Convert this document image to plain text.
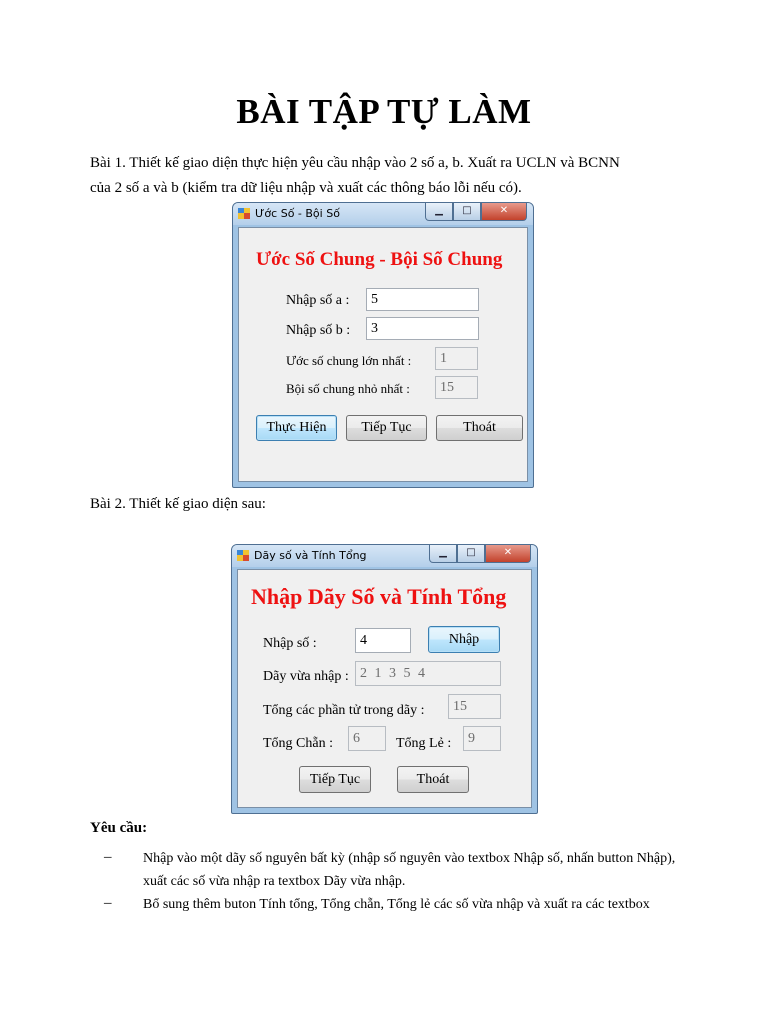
BÀI TẬP TỰ LÀM
Bài 1. Thiết kế giao diện thực hiện yêu cầu nhập vào 2 số a, b. Xuất ra UCLN và BCNN
của 2 số a và b (kiểm tra dữ liệu nhập và xuất các thông báo lỗi nếu có).
Ước Số - Bội Số	▁	□	✕
Ước Số Chung - Bội Số Chung
Nhập số a :	5
Nhập số b :	3
Ước số chung lớn nhất :	1
Bội số chung nhỏ nhất :	15
Thực Hiện	Tiếp Tục	Thoát
Bài 2. Thiết kế giao diện sau:
Dãy số và Tính Tổng	▁	□	✕
Nhập Dãy Số và Tính Tổng
Nhập số :	4	Nhập
Dãy vừa nhập : 2 1 3 5 4
Tổng các phần tử trong dãy :	15
Tổng Chẵn :	6	Tổng Lẻ :	9
Tiếp Tục	Thoát
Yêu cầu:
– Nhập vào một dãy số nguyên bất kỳ (nhập số nguyên vào textbox Nhập số, nhấn button Nhập),
xuất các số vừa nhập ra textbox Dãy vừa nhập.
– Bổ sung thêm buton Tính tổng, Tổng chẵn, Tổng lẻ các số vừa nhập và xuất ra các textbox
